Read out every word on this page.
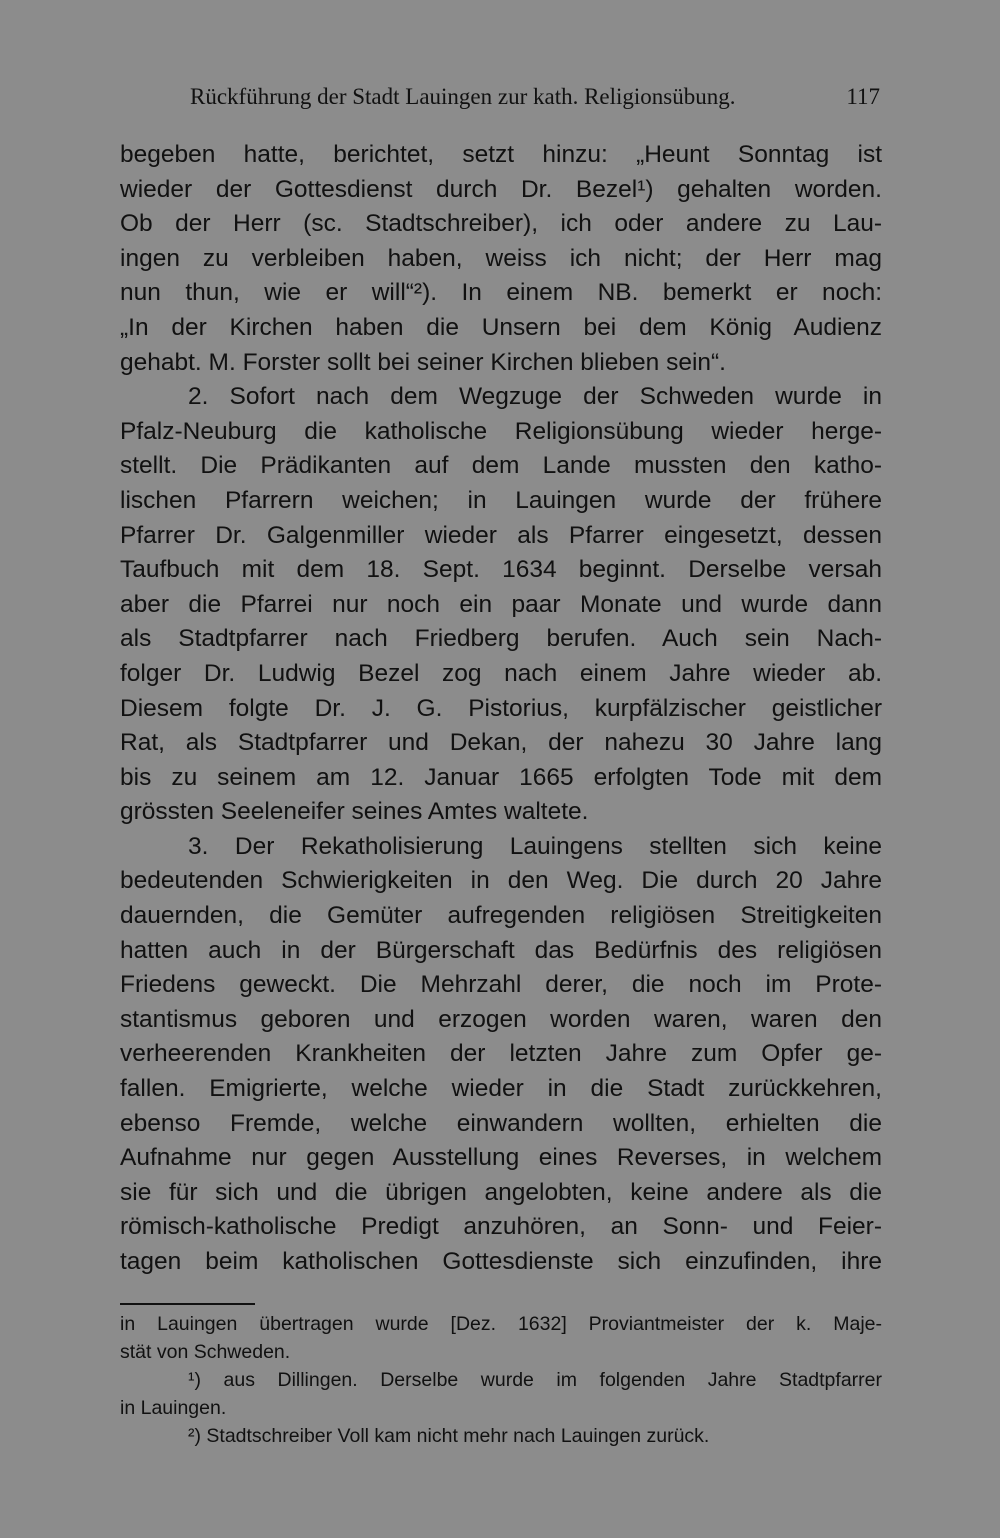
Rückführung der Stadt Lauingen zur kath. Religionsübung.	117
begeben hatte, berichtet, setzt hinzu: „Heunt Sonntag ist
wieder der Gottesdienst durch Dr. Bezel¹) gehalten worden.
Ob der Herr (sc. Stadtschreiber), ich oder andere zu Lau-
ingen zu verbleiben haben, weiss ich nicht; der Herr mag
nun thun, wie er will“²). In einem NB. bemerkt er noch:
„In der Kirchen haben die Unsern bei dem König Audienz
gehabt. M. Forster sollt bei seiner Kirchen blieben sein“.
2. Sofort nach dem Wegzuge der Schweden wurde in
Pfalz-Neuburg die katholische Religionsübung wieder herge-
stellt. Die Prädikanten auf dem Lande mussten den katho-
lischen Pfarrern weichen; in Lauingen wurde der frühere
Pfarrer Dr. Galgenmiller wieder als Pfarrer eingesetzt, dessen
Taufbuch mit dem 18. Sept. 1634 beginnt. Derselbe versah
aber die Pfarrei nur noch ein paar Monate und wurde dann
als Stadtpfarrer nach Friedberg berufen. Auch sein Nach-
folger Dr. Ludwig Bezel zog nach einem Jahre wieder ab.
Diesem folgte Dr. J. G. Pistorius, kurpfälzischer geistlicher
Rat, als Stadtpfarrer und Dekan, der nahezu 30 Jahre lang
bis zu seinem am 12. Januar 1665 erfolgten Tode mit dem
grössten Seeleneifer seines Amtes waltete.
3. Der Rekatholisierung Lauingens stellten sich keine
bedeutenden Schwierigkeiten in den Weg. Die durch 20 Jahre
dauernden, die Gemüter aufregenden religiösen Streitigkeiten
hatten auch in der Bürgerschaft das Bedürfnis des religiösen
Friedens geweckt. Die Mehrzahl derer, die noch im Prote-
stantismus geboren und erzogen worden waren, waren den
verheerenden Krankheiten der letzten Jahre zum Opfer ge-
fallen. Emigrierte, welche wieder in die Stadt zurückkehren,
ebenso Fremde, welche einwandern wollten, erhielten die
Aufnahme nur gegen Ausstellung eines Reverses, in welchem
sie für sich und die übrigen angelobten, keine andere als die
römisch-katholische Predigt anzuhören, an Sonn- und Feier-
tagen beim katholischen Gottesdienste sich einzufinden, ihre
in Lauingen übertragen wurde [Dez. 1632] Proviantmeister der k. Maje-
stät von Schweden.
¹) aus Dillingen. Derselbe wurde im folgenden Jahre Stadtpfarrer
in Lauingen.
²) Stadtschreiber Voll kam nicht mehr nach Lauingen zurück.
